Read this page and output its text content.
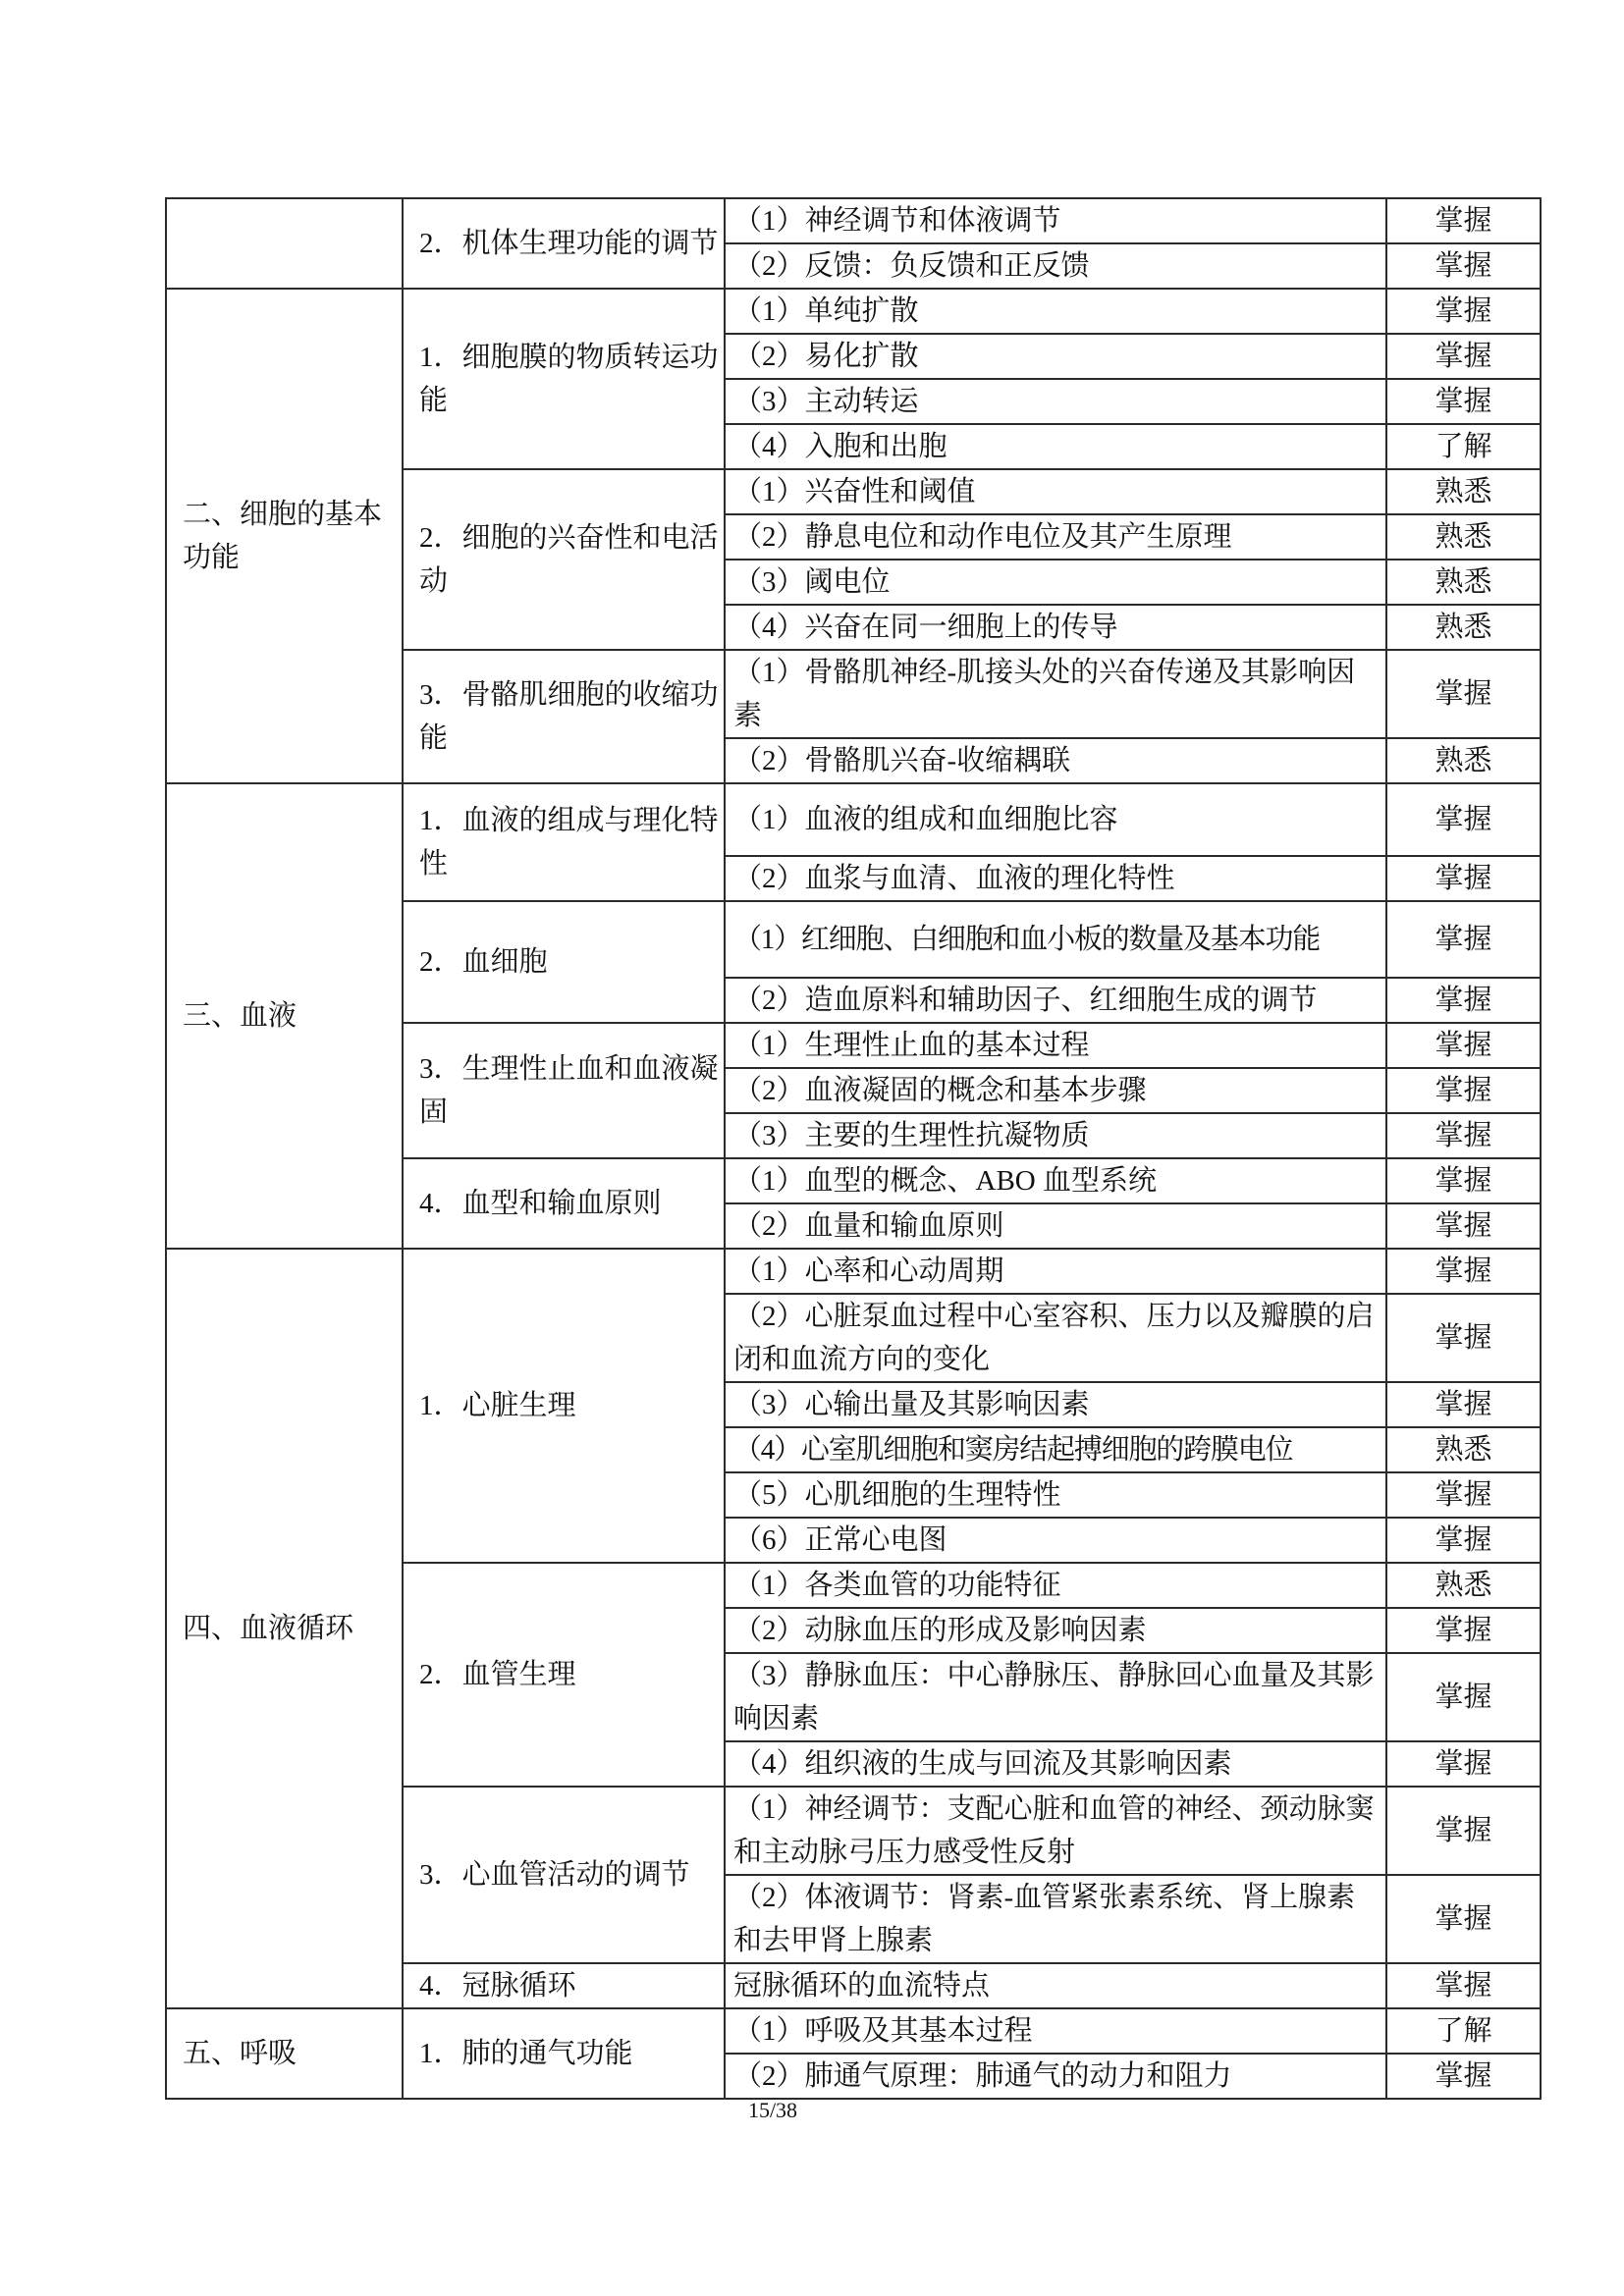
	2．机体生理功能的调节	（1）神经调节和体液调节	掌握
		（2）反馈：负反馈和正反馈	掌握
二、细胞的基本功能	1．细胞膜的物质转运功能	（1）单纯扩散	掌握
		（2）易化扩散	掌握
		（3）主动转运	掌握
		（4）入胞和出胞	了解
	2．细胞的兴奋性和电活动	（1）兴奋性和阈值	熟悉
		（2）静息电位和动作电位及其产生原理	熟悉
		（3）阈电位	熟悉
		（4）兴奋在同一细胞上的传导	熟悉
	3．骨骼肌细胞的收缩功能	（1）骨骼肌神经-肌接头处的兴奋传递及其影响因素	掌握
		（2）骨骼肌兴奋-收缩耦联	熟悉
三、血液	1．血液的组成与理化特性	（1）血液的组成和血细胞比容	掌握
		（2）血浆与血清、血液的理化特性	掌握
	2．血细胞	（1）红细胞、白细胞和血小板的数量及基本功能	掌握
		（2）造血原料和辅助因子、红细胞生成的调节	掌握
	3．生理性止血和血液凝固	（1）生理性止血的基本过程	掌握
		（2）血液凝固的概念和基本步骤	掌握
		（3）主要的生理性抗凝物质	掌握
	4．血型和输血原则	（1）血型的概念、ABO 血型系统	掌握
		（2）血量和输血原则	掌握
四、血液循环	1．心脏生理	（1）心率和心动周期	掌握
		（2）心脏泵血过程中心室容积、压力以及瓣膜的启闭和血流方向的变化	掌握
		（3）心输出量及其影响因素	掌握
		（4）心室肌细胞和窦房结起搏细胞的跨膜电位	熟悉
		（5）心肌细胞的生理特性	掌握
		（6）正常心电图	掌握
	2．血管生理	（1）各类血管的功能特征	熟悉
		（2）动脉血压的形成及影响因素	掌握
		（3）静脉血压：中心静脉压、静脉回心血量及其影响因素	掌握
		（4）组织液的生成与回流及其影响因素	掌握
	3．心血管活动的调节	（1）神经调节：支配心脏和血管的神经、颈动脉窦和主动脉弓压力感受性反射	掌握
		（2）体液调节：肾素-血管紧张素系统、肾上腺素和去甲肾上腺素	掌握
	4．冠脉循环	冠脉循环的血流特点	掌握
五、呼吸	1．肺的通气功能	（1）呼吸及其基本过程	了解
		（2）肺通气原理：肺通气的动力和阻力	掌握
15/38
